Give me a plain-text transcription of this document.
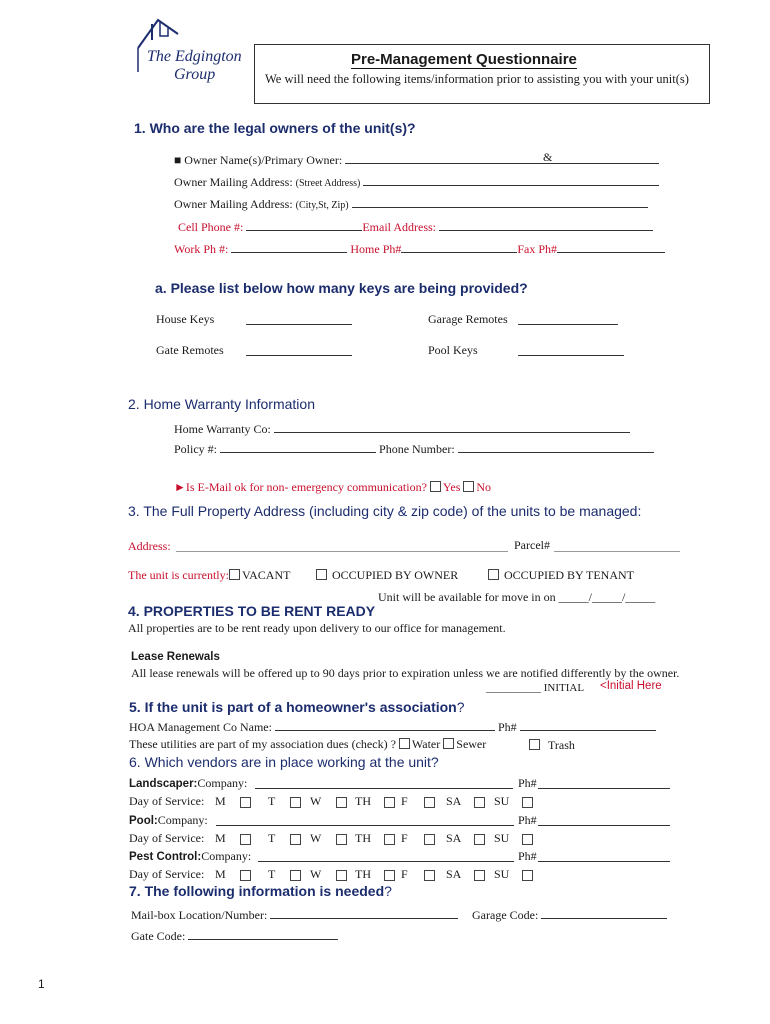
The Edgington
Group
Pre-Management Questionnaire
We will need the following items/information prior to assisting you with your unit(s)
1. Who are the legal owners of the unit(s)?
■ Owner Name(s)/Primary Owner:	&
Owner Mailing Address: (Street Address)
Owner Mailing Address: (City,St, Zip)
Cell Phone #:	Email Address:
Work Ph #:	Home Ph#	Fax Ph#
a. Please list below how many keys are being provided?
House Keys	Garage Remotes
Gate Remotes	Pool Keys
2. Home Warranty Information
Home Warranty Co:
Policy #:	Phone Number:
►Is E-Mail ok for non- emergency communication? Yes No
3. The Full Property Address (including city & zip code) of the units to be managed:
Address:	Parcel#
The unit is currently: VACANT	OCCUPIED BY OWNER	OCCUPIED BY TENANT
Unit will be available for move in on _____/_____/_____
4. PROPERTIES TO BE RENT READY
All properties are to be rent ready upon delivery to our office for management.
Lease Renewals
All lease renewals will be offered up to 90 days prior to expiration unless we are notified differently by the owner.
__________ INITIAL <Initial Here
5. If the unit is part of a homeowner's association?
HOA Management Co Name:	Ph#
These utilities are part of my association dues (check) ? Water Sewer	Trash
6. Which vendors are in place working at the unit?
Landscaper:Company:	Ph#
Day of Service: M	T	W	TH	F	SA	SU
Pool:Company:	Ph#
Day of Service: M	T	W	TH	F	SA	SU
Pest Control:Company:	Ph#
Day of Service: M	T	W	TH	F	SA	SU
7. The following information is needed?
Mail-box Location/Number:	Garage Code:
Gate Code:
1
